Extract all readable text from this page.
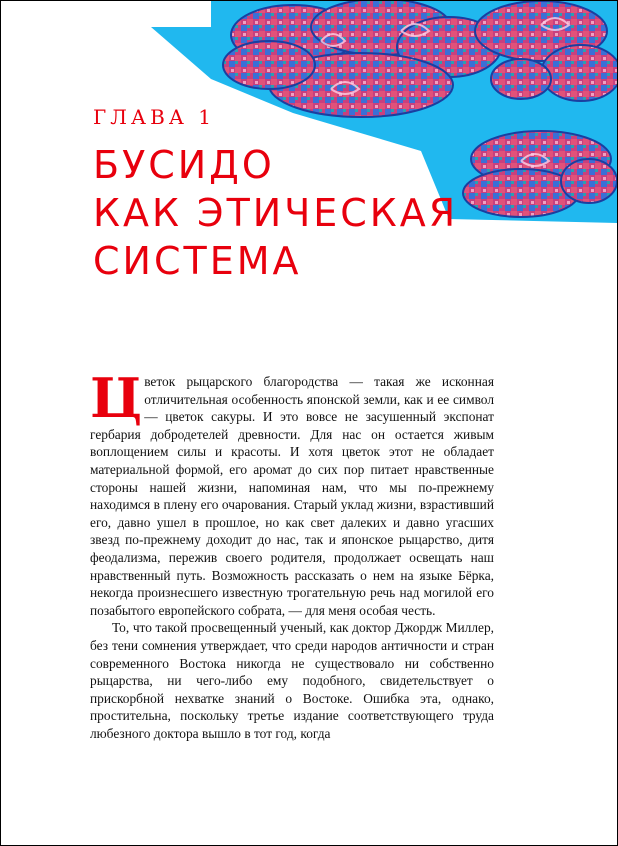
ГЛАВА 1
БУСИДО
КАК ЭТИЧЕСКАЯ
СИСТЕМА

Цветок рыцарского благородства — такая же исконная отличительная особенность японской земли, как и ее символ — цветок сакуры. И это вовсе не засушенный экспонат гербария добродетелей древности. Для нас он остается живым воплощением силы и красоты. И хотя цветок этот не обладает материальной формой, его аромат до сих пор питает нравственные стороны нашей жизни, напоминая нам, что мы по-прежнему находимся в плену его очарования. Старый уклад жизни, взрастивший его, давно ушел в прошлое, но как свет далеких и давно угасших звезд по-прежнему доходит до нас, так и японское рыцарство, дитя феодализма, пережив своего родителя, продолжает освещать наш нравственный путь. Возможность рассказать о нем на языке Бёрка, некогда произнесшего известную трогательную речь над могилой его позабытого европейского собрата, — для меня особая честь.

То, что такой просвещенный ученый, как доктор Джордж Миллер, без тени сомнения утверждает, что среди народов античности и стран современного Востока никогда не существовало ни собственно рыцарства, ни чего-либо ему подобного, свидетельствует о прискорбной нехватке знаний о Востоке. Ошибка эта, однако, простительна, поскольку третье издание соответствующего труда любезного доктора вышло в тот год, когда
